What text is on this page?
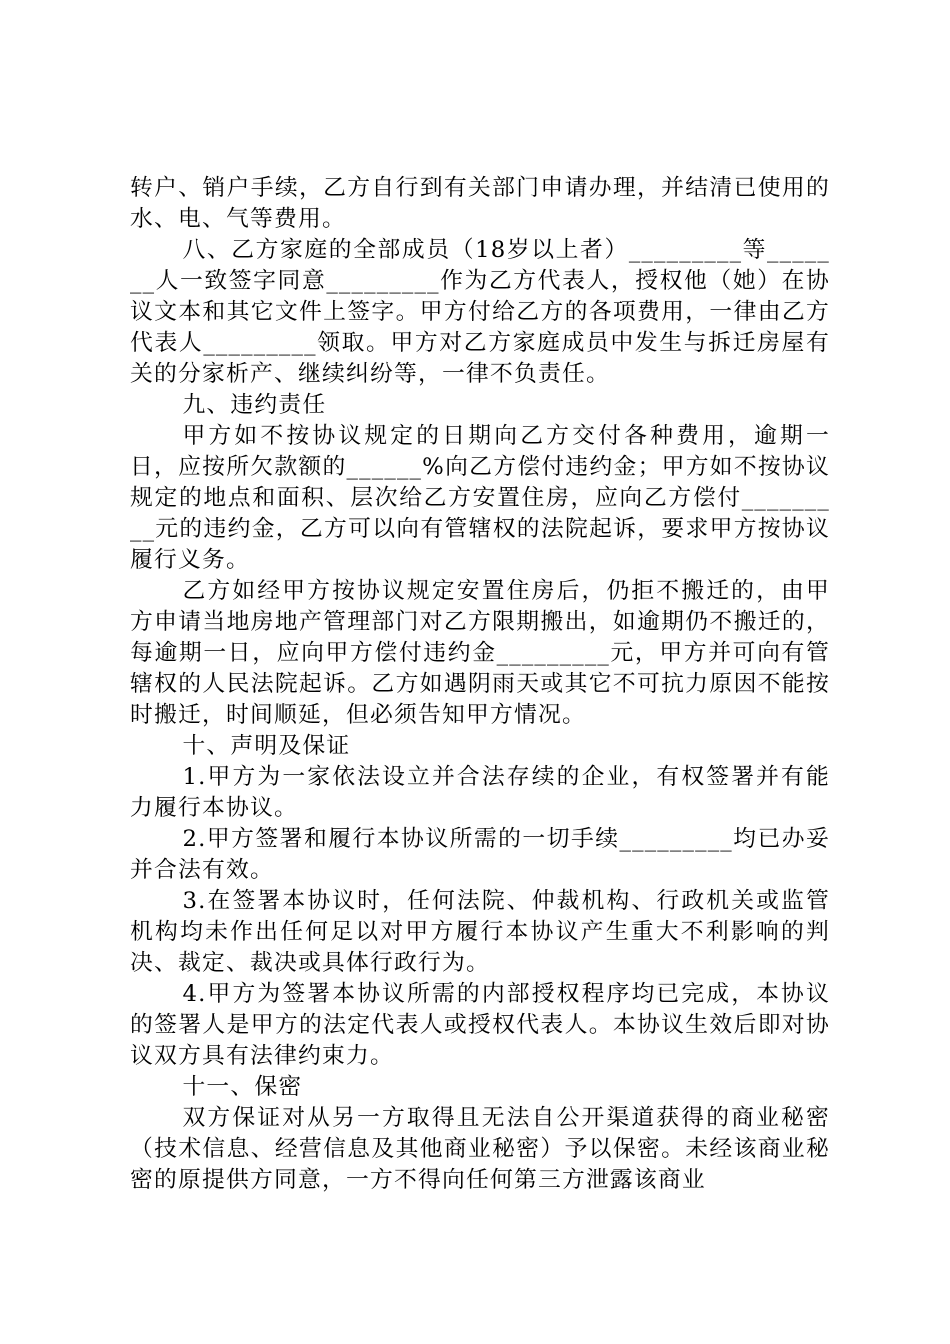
转户、销户手续，乙方自行到有关部门申请办理，并结清已使用的水、电、气等费用。

八、乙方家庭的全部成员（18岁以上者）_________等_______人一致签字同意_________作为乙方代表人，授权他（她）在协议文本和其它文件上签字。甲方付给乙方的各项费用，一律由乙方代表人_________领取。甲方对乙方家庭成员中发生与拆迁房屋有关的分家析产、继续纠纷等，一律不负责任。

九、违约责任

甲方如不按协议规定的日期向乙方交付各种费用，逾期一日，应按所欠款额的______%向乙方偿付违约金；甲方如不按协议规定的地点和面积、层次给乙方安置住房，应向乙方偿付_________元的违约金，乙方可以向有管辖权的法院起诉，要求甲方按协议履行义务。

乙方如经甲方按协议规定安置住房后，仍拒不搬迁的，由甲方申请当地房地产管理部门对乙方限期搬出，如逾期仍不搬迁的，每逾期一日，应向甲方偿付违约金_________元，甲方并可向有管辖权的人民法院起诉。乙方如遇阴雨天或其它不可抗力原因不能按时搬迁，时间顺延，但必须告知甲方情况。

十、声明及保证

1.甲方为一家依法设立并合法存续的企业，有权签署并有能力履行本协议。

2.甲方签署和履行本协议所需的一切手续_________均已办妥并合法有效。

3.在签署本协议时，任何法院、仲裁机构、行政机关或监管机构均未作出任何足以对甲方履行本协议产生重大不利影响的判决、裁定、裁决或具体行政行为。

4.甲方为签署本协议所需的内部授权程序均已完成，本协议的签署人是甲方的法定代表人或授权代表人。本协议生效后即对协议双方具有法律约束力。

十一、保密

双方保证对从另一方取得且无法自公开渠道获得的商业秘密（技术信息、经营信息及其他商业秘密）予以保密。未经该商业秘密的原提供方同意，一方不得向任何第三方泄露该商业
